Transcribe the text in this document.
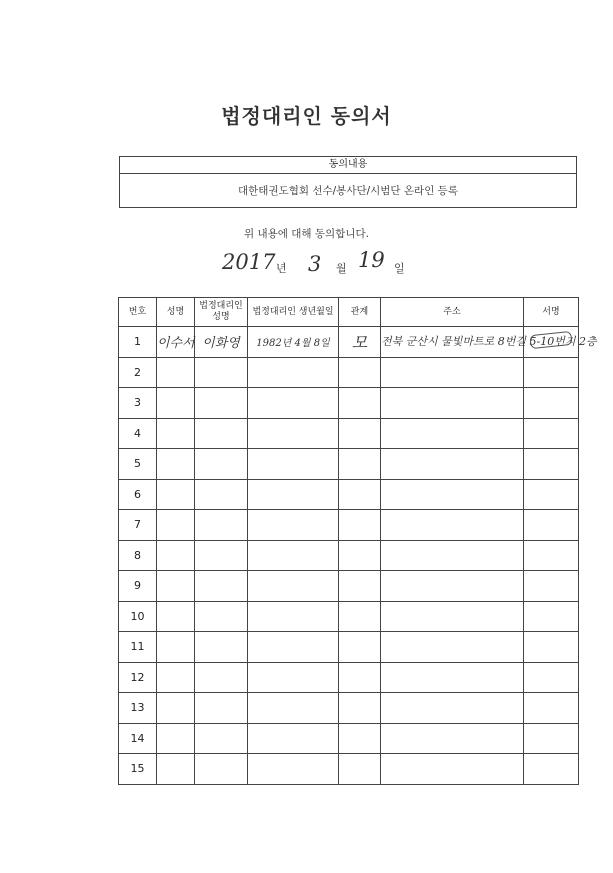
법정대리인 동의서
동의내용
대한태권도협회 선수/봉사단/시범단 온라인 등록
위 내용에 대해 동의합니다.
2017 년 3 월 19 일
번호	성명	법정대리인 성명	법정대리인 생년월일	관계	주소	서명
1	이수서	이화영	1982년 4월 8일	모	전북 군산시 물빛마트로 8번길 5-10번지 2층	
2						
3						
4						
5						
6						
7						
8						
9						
10						
11						
12						
13						
14						
15						
